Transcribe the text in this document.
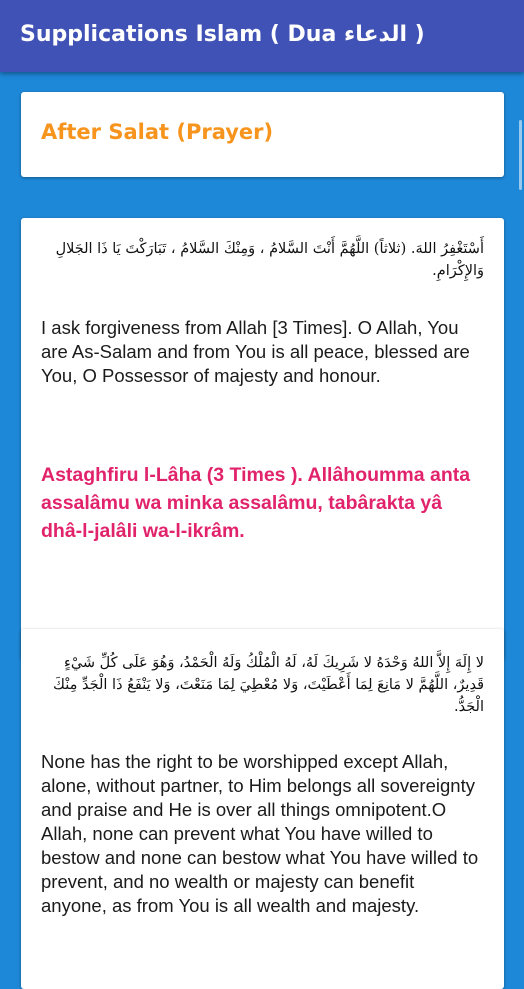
Supplications Islam ( Dua الدعاء )
After Salat (Prayer)

أَسْتَغْفِرُ اللهَ. (ثلاثاً) اللَّهُمَّ أَنْتَ السَّلامُ ، وَمِنْكَ السَّلامُ ، تَبَارَكْتَ يَا ذَا الجَلالِ وَالإِكْرَامِ.

I ask forgiveness from Allah [3 Times]. O Allah, You are As-Salam and from You is all peace, blessed are You, O Possessor of majesty and honour.

Astaghfiru l-Lâha (3 Times ). Allâhoumma anta assalâmu wa minka assalâmu, tabârakta yâ dhâ-l-jalâli wa-l-ikrâm.

لا إِلَهَ إِلاَّ اللهُ وَحْدَهُ لا شَرِيكَ لَهُ، لَهُ الْمُلْكُ وَلَهُ الْحَمْدُ، وَهُوَ عَلَى كُلِّ شَيْءٍ قَدِيرٌ، اللَّهُمَّ لا مَانِعَ لِمَا أَعْطَيْتَ، وَلا مُعْطِيَ لِمَا مَنَعْتَ، وَلا يَنْفَعُ ذَا الْجَدِّ مِنْكَ الْجَدُّ.

None has the right to be worshipped except Allah, alone, without partner, to Him belongs all sovereignty and praise and He is over all things omnipotent.O Allah, none can prevent what You have willed to bestow and none can bestow what You have willed to prevent, and no wealth or majesty can benefit anyone, as from You is all wealth and majesty.
